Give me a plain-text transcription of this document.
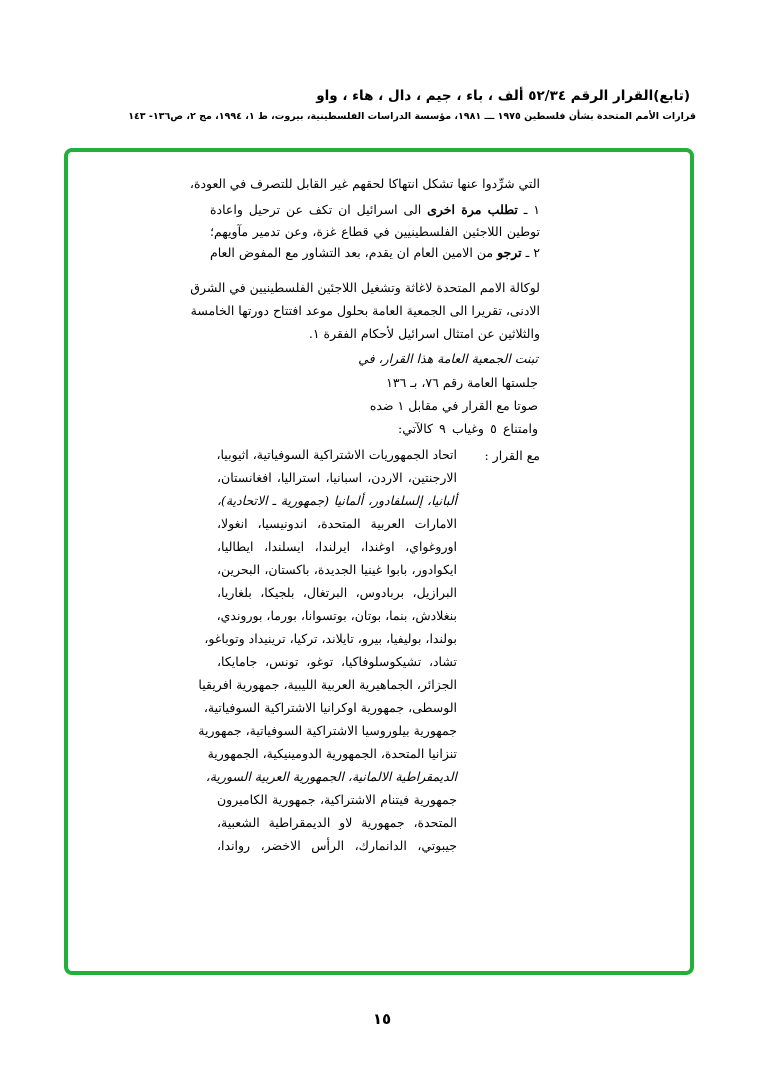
(تابع)القرار الرقم ٥٢/٣٤ ألف ، باء ، جيم ، دال ، هاء ، واو
قرارات الأمم المتحدة بشأن فلسطين ١٩٧٥ ـــ ١٩٨١، مؤسسة الدراسات الفلسطينية، بيروت، ط ١، ١٩٩٤، مج ٢، ص١٣٦- ١٤٣
التي شرِّدوا عنها تشكل انتهاكا لحقهم غير القابل للتصرف في العودة،
١ ـ تطلب مرة اخرى الى اسرائيل ان تكف عن ترحيل واعادة
توطين اللاجئين الفلسطينيين في قطاع غزة، وعن تدمير مآويهم؛
٢ ـ ترجو من الامين العام ان يقدم، بعد التشاور مع المفوض العام
لوكالة الامم المتحدة لاغاثة وتشغيل اللاجئين الفلسطينيين في الشرق
الادنى، تقريرا الى الجمعية العامة بحلول موعد افتتاح دورتها الخامسة
والثلاثين عن امتثال اسرائيل لأحكام الفقرة ١.
تبنت الجمعية العامة هذا القرار، في
جلستها العامة رقم ٧٦، بـ ١٣٦
صوتا مع القرار في مقابل ١ ضده
وامتناع ٥ وغياب ٩ كالآتي:
مع القرار :
اتحاد الجمهوريات الاشتراكية السوفياتية، اثيوبيا،
الارجنتين، الاردن، اسبانيا، استراليا، افغانستان،
ألبانيا، إلسلفادور، ألمانيا (جمهورية ـ الاتحادية)،
الامارات العربية المتحدة، اندونيسيا، انغولا،
اوروغواي، اوغندا، ايرلندا، ايسلندا، ايطاليا،
ايكوادور، بابوا غينيا الجديدة، باكستان، البحرين،
البرازيل، بربادوس، البرتغال، بلجيكا، بلغاريا،
بنغلادش، بنما، بوتان، بوتسوانا، بورما، بوروندي،
بولندا، بوليفيا، بيرو، تايلاند، تركيا، ترينيداد وتوباغو،
تشاد، تشيكوسلوفاكيا، توغو، تونس، جامايكا،
الجزائر، الجماهيرية العربية الليبية، جمهورية افريقيا
الوسطى، جمهورية اوكرانيا الاشتراكية السوفياتية،
جمهورية بيلوروسيا الاشتراكية السوفياتية، جمهورية
تنزانيا المتحدة، الجمهورية الدومينيكية، الجمهورية
الديمقراطية الالمانية، الجمهورية العربية السورية،
جمهورية فيتنام الاشتراكية، جمهورية الكاميرون
المتحدة، جمهورية لاو الديمقراطية الشعبية،
جيبوتي، الدانمارك، الرأس الاخضر، رواندا،
١٥
